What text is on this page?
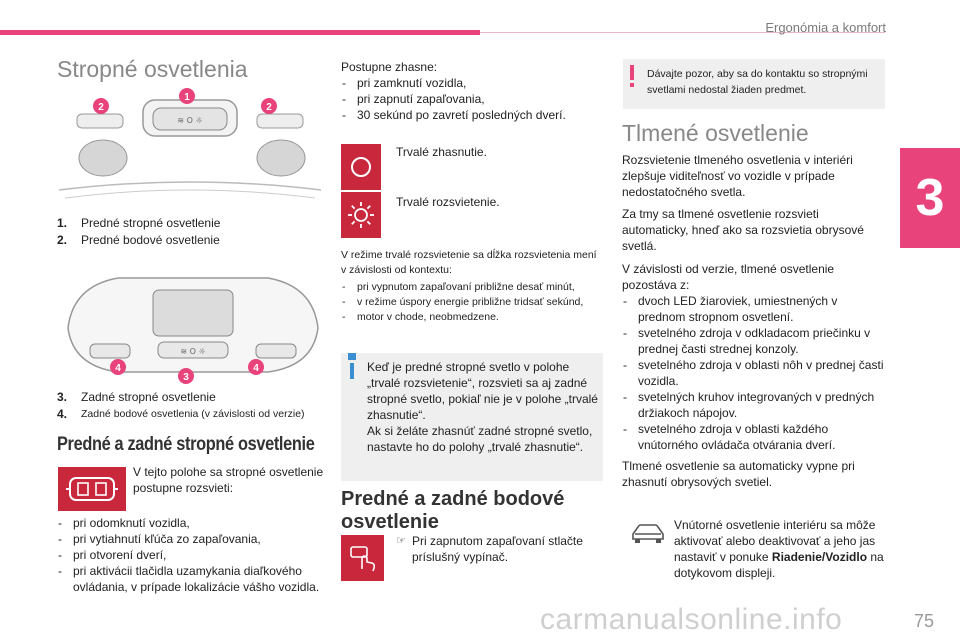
Ergonómia a komfort
3
Stropné osvetlenia
≋ O ☼
2
1
2
1.	Predné stropné osvetlenie
2.	Predné bodové osvetlenie
≋ O ☼
4
3
4
3.	Zadné stropné osvetlenie
4.	Zadné bodové osvetlenia (v závislosti od verzie)
Predné a zadné stropné osvetlenie
V tejto polohe sa stropné osvetlenie postupne rozsvieti:
- pri odomknutí vozidla,
- pri vytiahnutí kľúča zo zapaľovania,
- pri otvorení dverí,
- pri aktivácii tlačidla uzamykania diaľkového ovládania, v prípade lokalizácie vášho vozidla.
Postupne zhasne:
- pri zamknutí vozidla,
- pri zapnutí zapaľovania,
- 30 sekúnd po zavretí posledných dverí.
Trvalé zhasnutie.
Trvalé rozsvietenie.
V režime trvalé rozsvietenie sa dĺžka rozsvietenia mení v závislosti od kontextu:
- pri vypnutom zapaľovaní približne desať minút,
- v režime úspory energie približne tridsať sekúnd,
- motor v chode, neobmedzene.
Keď je predné stropné svetlo v polohe „trvalé rozsvietenie“, rozsvieti sa aj zadné stropné svetlo, pokiaľ nie je v polohe „trvalé zhasnutie“.
Ak si želáte zhasnúť zadné stropné svetlo, nastavte ho do polohy „trvalé zhasnutie“.
Predné a zadné bodové
osvetlenie
☞ Pri zapnutom zapaľovaní stlačte príslušný vypínač.
Dávajte pozor, aby sa do kontaktu so stropnými svetlami nedostal žiaden predmet.
Tlmené osvetlenie
Rozsvietenie tlmeného osvetlenia v interiéri zlepšuje viditeľnosť vo vozidle v prípade nedostatočného svetla.
Za tmy sa tlmené osvetlenie rozsvieti automaticky, hneď ako sa rozsvietia obrysové svetlá.
V závislosti od verzie, tlmené osvetlenie pozostáva z:
- dvoch LED žiaroviek, umiestnených v prednom stropnom osvetlení.
- svetelného zdroja v odkladacom priečinku v prednej časti strednej konzoly.
- svetelného zdroja v oblasti nôh v prednej časti vozidla.
- svetelných kruhov integrovaných v predných držiakoch nápojov.
- svetelného zdroja v oblasti každého vnútorného ovládača otvárania dverí.
Tlmené osvetlenie sa automaticky vypne pri zhasnutí obrysových svetiel.
Vnútorné osvetlenie interiéru sa môže aktivovať alebo deaktivovať a jeho jas nastaviť v ponuke Riadenie/Vozidlo na dotykovom displeji.
carmanualsonline.info	75
